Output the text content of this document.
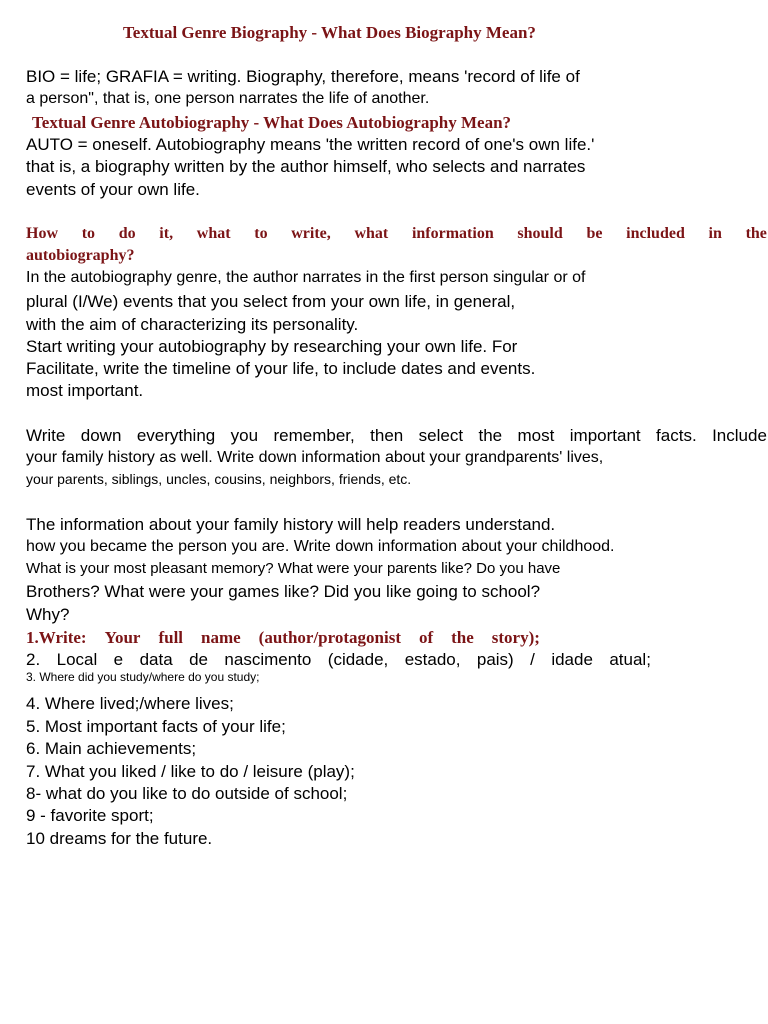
Textual Genre Biography - What Does Biography Mean?
BIO = life; GRAFIA = writing. Biography, therefore, means 'record of life of
a person", that is, one person narrates the life of another.
Textual Genre Autobiography - What Does Autobiography Mean?
AUTO = oneself. Autobiography means 'the written record of one's own life.'
that is, a biography written by the author himself, who selects and narrates
events of your own life.
How to do it, what to write, what information should be included in the
autobiography?
In the autobiography genre, the author narrates in the first person singular or of
plural (I/We) events that you select from your own life, in general,
with the aim of characterizing its personality.
Start writing your autobiography by researching your own life. For
Facilitate, write the timeline of your life, to include dates and events.
most important.
Write down everything you remember, then select the most important facts. Include
your family history as well. Write down information about your grandparents' lives,
your parents, siblings, uncles, cousins, neighbors, friends, etc.
The information about your family history will help readers understand.
how you became the person you are. Write down information about your childhood.
What is your most pleasant memory? What were your parents like? Do you have
Brothers? What were your games like? Did you like going to school?
Why?
1.Write: Your full name (author/protagonist of the story);
2. Local e data de nascimento (cidade, estado, pais) / idade atual;
3. Where did you study/where do you study;
4. Where lived;/where lives;
5. Most important facts of your life;
6. Main achievements;
7. What you liked / like to do / leisure (play);
8- what do you like to do outside of school;
9 - favorite sport;
10 dreams for the future.
